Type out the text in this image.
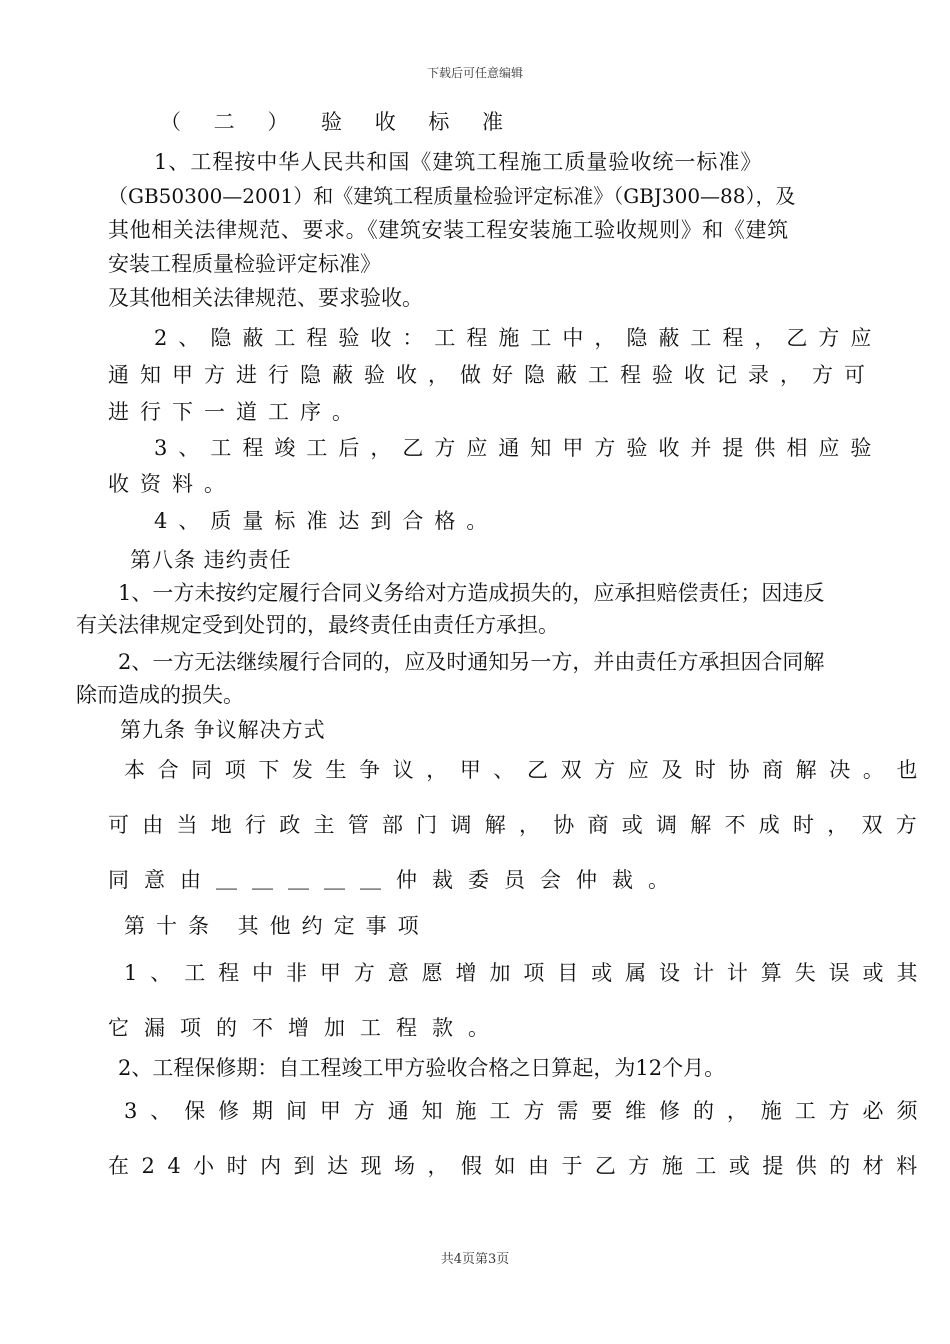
下载后可任意编辑
（ 二 ） 验 收 标 准
1、工程按中华人民共和国《建筑工程施工质量验收统一标准》
（GB50300—2001）和《建筑工程质量检验评定标准》（GBJ300—88），及
其他相关法律规范、要求。《建筑安装工程安装施工验收规则》和《建筑
安装工程质量检验评定标准》
及其他相关法律规范、要求验收。
2、隐蔽工程验收：工程施工中，隐蔽工程，乙方应
通知甲方进行隐蔽验收，做好隐蔽工程验收记录，方可
进行下一道工序。
3、工程竣工后，乙方应通知甲方验收并提供相应验
收资料。
4、质量标准达到合格。
第八条 违约责任
1、一方未按约定履行合同义务给对方造成损失的，应承担赔偿责任；因违反
有关法律规定受到处罚的，最终责任由责任方承担。
2、一方无法继续履行合同的，应及时通知另一方，并由责任方承担因合同解
除而造成的损失。
第九条 争议解决方式
本合同项下发生争议，甲、乙双方应及时协商解决。也
可由当地行政主管部门调解，协商或调解不成时，双方
同意由＿＿＿＿＿仲裁委员会仲裁。
第十条 其他约定事项
1、工程中非甲方意愿增加项目或属设计计算失误或其
它漏项的不增加工程款。
2、工程保修期：自工程竣工甲方验收合格之日算起，为12个月。
3、保修期间甲方通知施工方需要维修的，施工方必须
在24小时内到达现场，假如由于乙方施工或提供的材料
共4页第3页
